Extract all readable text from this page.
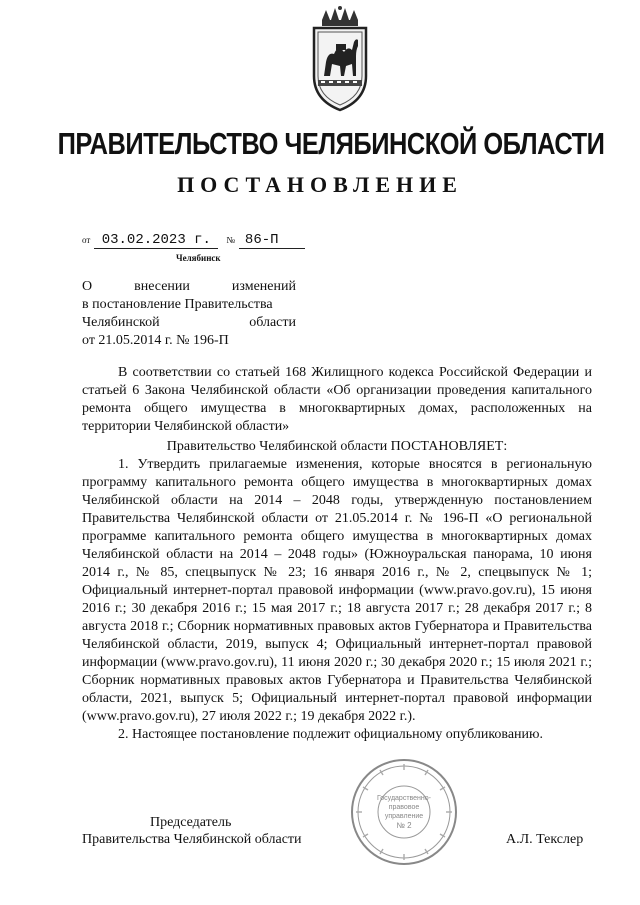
ПРАВИТЕЛЬСТВО ЧЕЛЯБИНСКОЙ ОБЛАСТИ
ПОСТАНОВЛЕНИЕ
от 03.02.2023 г. № 86-П
Челябинск
О	внесении	изменений
в постановление Правительства
Челябинской	области
от 21.05.2014 г. № 196-П

В соответствии со статьей 168 Жилищного кодекса Российской Федерации и статьей 6 Закона Челябинской области «Об организации проведения капитального ремонта общего имущества в многоквартирных домах, расположенных на территории Челябинской области»

Правительство Челябинской области ПОСТАНОВЛЯЕТ:

1. Утвердить прилагаемые изменения, которые вносятся в региональную программу капитального ремонта общего имущества в многоквартирных домах Челябинской области на 2014 – 2048 годы, утвержденную постановлением Правительства Челябинской области от 21.05.2014 г. № 196-П «О региональной программе капитального ремонта общего имущества в многоквартирных домах Челябинской области на 2014 – 2048 годы» (Южноуральская панорама, 10 июня 2014 г., № 85, спецвыпуск № 23; 16 января 2016 г., № 2, спецвыпуск № 1; Официальный интернет-портал правовой информации (www.pravo.gov.ru), 15 июня 2016 г.; 30 декабря 2016 г.; 15 мая 2017 г.; 18 августа 2017 г.; 28 декабря 2017 г.; 8 августа 2018 г.; Сборник нормативных правовых актов Губернатора и Правительства Челябинской области, 2019, выпуск 4; Официальный интернет-портал правовой информации (www.pravo.gov.ru), 11 июня 2020 г.; 30 декабря 2020 г.; 15 июля 2021 г.; Сборник нормативных правовых актов Губернатора и Правительства Челябинской области, 2021, выпуск 5; Официальный интернет-портал правовой информации (www.pravo.gov.ru), 27 июля 2022 г.; 19 декабря 2022 г.).

2. Настоящее постановление подлежит официальному опубликованию.

Государственно-
правовое
управление
№ 2
Председатель
Правительства Челябинской области	А.Л. Текслер
